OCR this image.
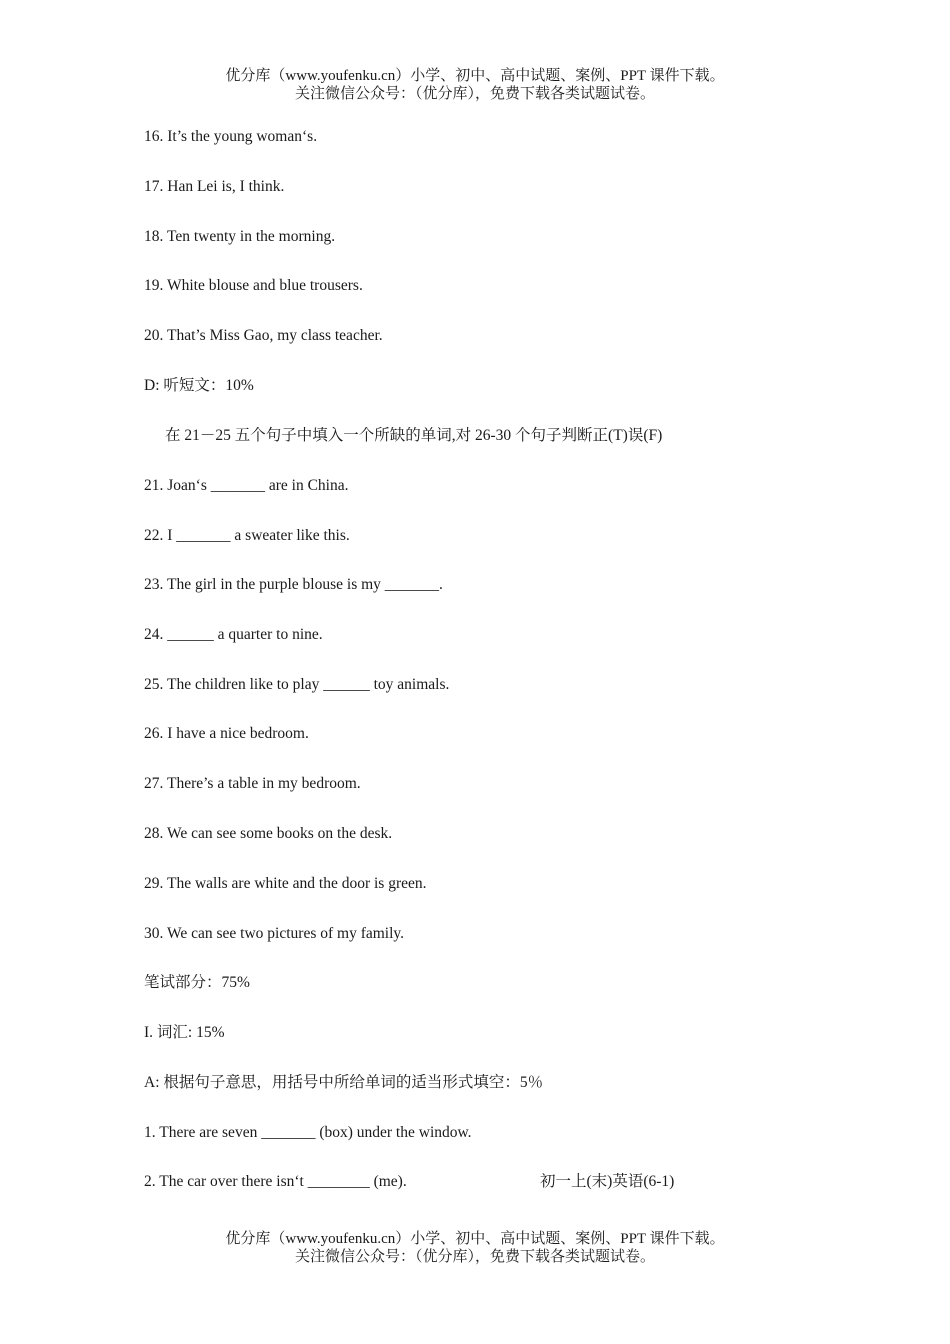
优分库（www.youfenku.cn）小学、初中、高中试题、案例、PPT 课件下载。
关注微信公众号：（优分库），免费下载各类试题试卷。
16. It’s the young woman‘s.
17. Han Lei is, I think.
18. Ten twenty in the morning.
19. White blouse and blue trousers.
20. That’s Miss Gao, my class teacher.
D: 听短文：10%
在 21－25 五个句子中填入一个所缺的单词,对 26-30 个句子判断正(T)误(F)
21. Joan‘s _______ are in China.
22. I _______ a sweater like this.
23. The girl in the purple blouse is my _______.
24. ______ a quarter to nine.
25. The children like to play ______ toy animals.
26. I have a nice bedroom.
27. There’s a table in my bedroom.
28. We can see some books on the desk.
29. The walls are white and the door is green.
30. We can see two pictures of my family.
笔试部分：75%
I. 词汇: 15%
A: 根据句子意思，用括号中所给单词的适当形式填空：5％
1. There are seven _______ (box) under the window.
2. The car over there isn‘t ________ (me).	初一上(末)英语(6-1)
优分库（www.youfenku.cn）小学、初中、高中试题、案例、PPT 课件下载。
关注微信公众号：（优分库），免费下载各类试题试卷。
